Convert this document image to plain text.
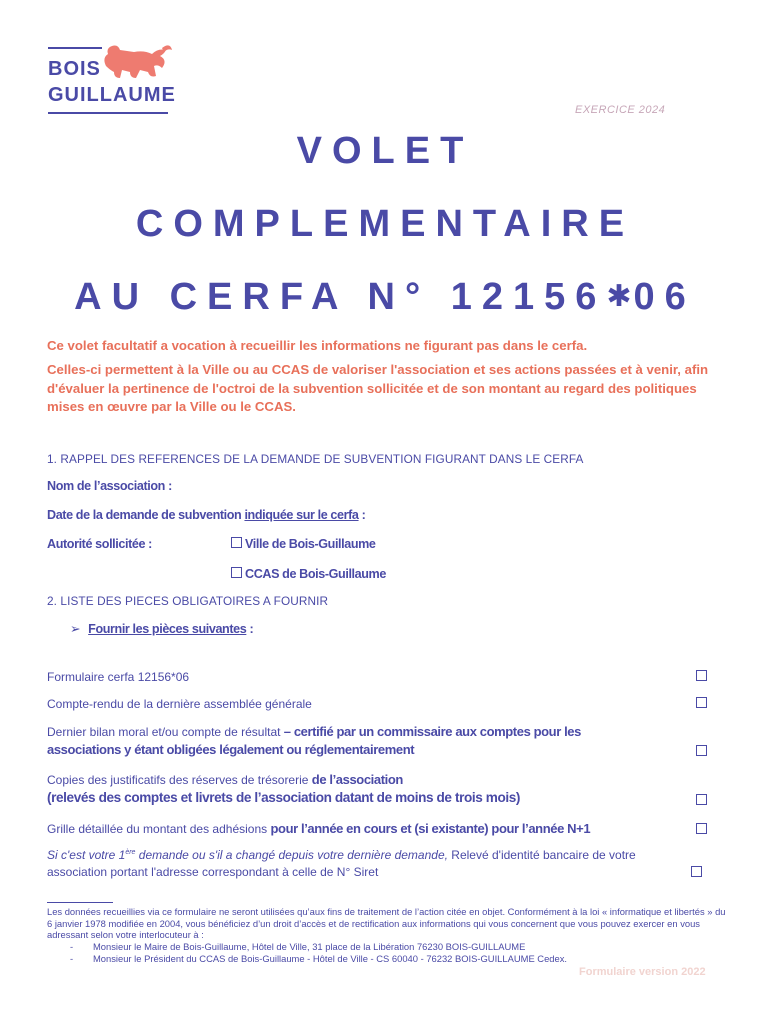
BOIS
GUILLAUME
EXERCICE 2024
VOLET
COMPLEMENTAIRE
AU CERFA N° 12156✱06
Ce volet facultatif a vocation à recueillir les informations ne figurant pas dans le cerfa.
Celles-ci permettent à la Ville ou au CCAS de valoriser l'association et ses actions passées et à venir, afin d'évaluer la pertinence de l'octroi de la subvention sollicitée et de son montant au regard des politiques mises en œuvre par la Ville ou le CCAS.
1. RAPPEL DES REFERENCES DE LA DEMANDE DE SUBVENTION FIGURANT DANS LE CERFA
Nom de l’association :
Date de la demande de subvention indiquée sur le cerfa :
Autorité sollicitée :	Ville de Bois-Guillaume
CCAS de Bois-Guillaume
2. LISTE DES PIECES OBLIGATOIRES A FOURNIR
➢ Fournir les pièces suivantes :
Formulaire cerfa 12156*06
Compte-rendu de la dernière assemblée générale
Dernier bilan moral et/ou compte de résultat – certifié par un commissaire aux comptes pour les
associations y étant obligées légalement ou réglementairement
Copies des justificatifs des réserves de trésorerie de l’association
(relevés des comptes et livrets de l’association datant de moins de trois mois)
Grille détaillée du montant des adhésions pour l’année en cours et (si existante) pour l’année N+1
Si c'est votre 1ère demande ou s'il a changé depuis votre dernière demande, Relevé d'identité bancaire de votre
association portant l'adresse correspondant à celle de N° Siret
Les données recueillies via ce formulaire ne seront utilisées qu’aux fins de traitement de l’action citée en objet. Conformément à la loi « informatique et libertés » du 6 janvier 1978 modifiée en 2004, vous bénéficiez d’un droit d’accès et de rectification aux informations qui vous concernent que vous pouvez exercer en vous adressant selon votre interlocuteur à :
- Monsieur le Maire de Bois-Guillaume, Hôtel de Ville, 31 place de la Libération 76230 BOIS-GUILLAUME
- Monsieur le Président du CCAS de Bois-Guillaume - Hôtel de Ville - CS 60040 - 76232 BOIS-GUILLAUME Cedex.
Formulaire version 2022
